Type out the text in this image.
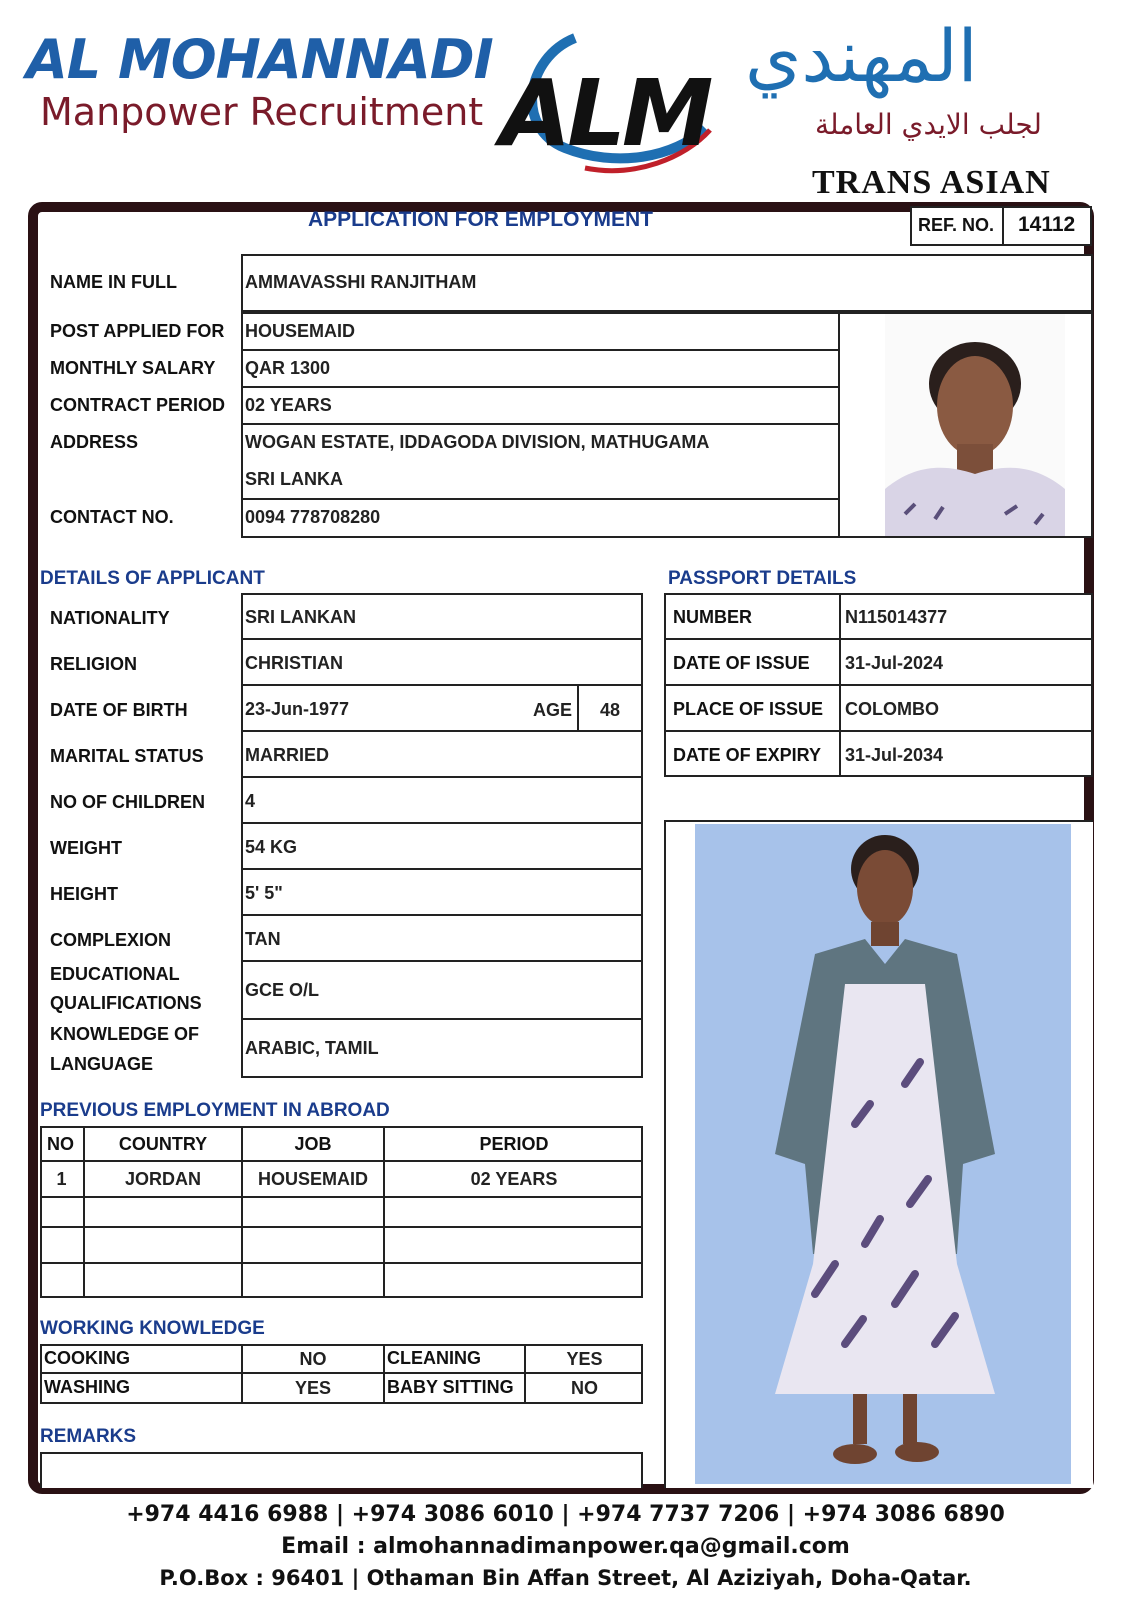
AL MOHANNADI
Manpower Recruitment ALM
المهندي
لجلب الايدي العاملة
TRANS ASIAN
APPLICATION FOR EMPLOYMENT	REF. NO. 14112
NAME IN FULL	AMMAVASSHI RANJITHAM
POST APPLIED FOR HOUSEMAID
MONTHLY SALARY QAR 1300
CONTRACT PERIOD 02 YEARS
ADDRESS	WOGAN ESTATE, IDDAGODA DIVISION, MATHUGAMA
SRI LANKA
CONTACT NO.	0094 778708280
DETAILS OF APPLICANT
NATIONALITY	SRI LANKAN
RELIGION	CHRISTIAN
DATE OF BIRTH	23-Jun-1977	AGE 48
MARITAL STATUS MARRIED
NO OF CHILDREN 4
WEIGHT	54 KG
HEIGHT	5' 5"
COMPLEXION	TAN
EDUCATIONAL
QUALIFICATIONS
GCE O/L
KNOWLEDGE OF
LANGUAGE
ARABIC, TAMIL
PASSPORT DETAILS
NUMBER	N115014377
DATE OF ISSUE 31-Jul-2024
PLACE OF ISSUE COLOMBO
DATE OF EXPIRY 31-Jul-2034
PREVIOUS EMPLOYMENT IN ABROAD
NO	COUNTRY	JOB	PERIOD
1	JORDAN	HOUSEMAID	02 YEARS
WORKING KNOWLEDGE
COOKING	NO	CLEANING	YES
WASHING	YES	BABY SITTING	NO
REMARKS
+974 4416 6988 | +974 3086 6010 | +974 7737 7206 | +974 3086 6890
Email : almohannadimanpower.qa@gmail.com
P.O.Box : 96401 | Othaman Bin Affan Street, Al Aziziyah, Doha-Qatar.
